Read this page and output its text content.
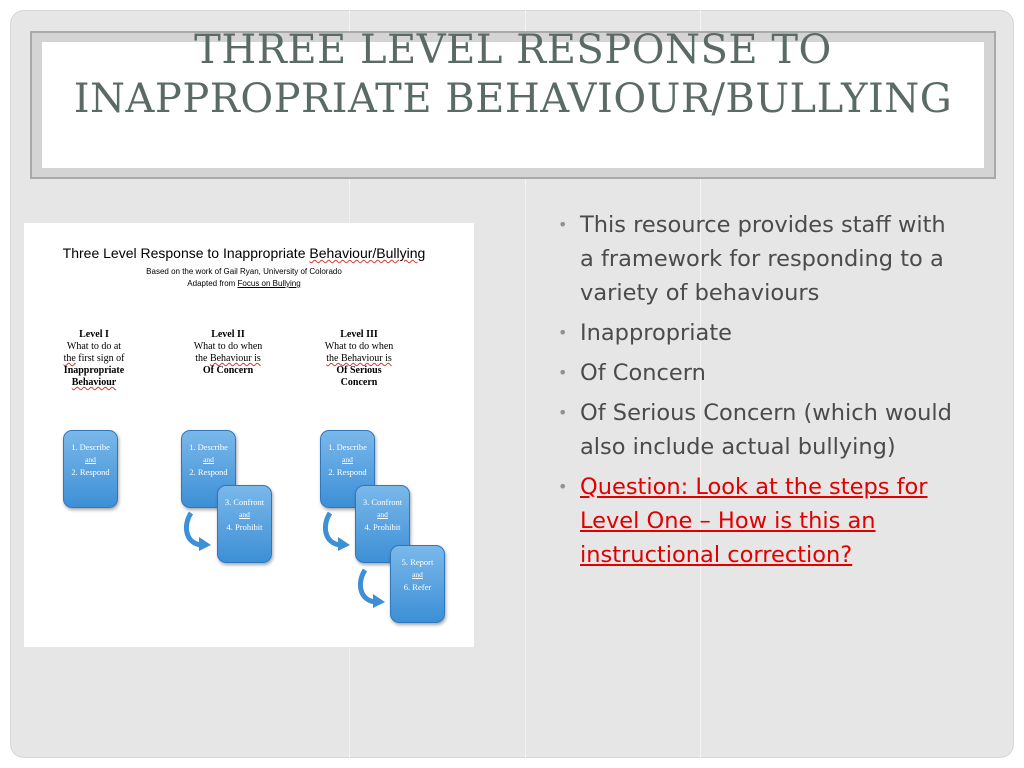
THREE LEVEL RESPONSE TO INAPPROPRIATE BEHAVIOUR/BULLYING
Three Level Response to Inappropriate Behaviour/Bullying
Based on the work of Gail Ryan, University of Colorado
Adapted from Focus on Bullying
Level I
What to do at
the first sign of
Inappropriate
Behaviour
Level II
What to do when
the Behaviour is
Of Concern
Level III
What to do when
the Behaviour is
Of Serious
Concern
1. Describe
and
2. Respond
1. Describe
and
2. Respond
3. Confront
and
4. Prohibit
1. Describe
and
2. Respond
3. Confront
and
4. Prohibit
5. Report
and
6. Refer
• This resource provides staff with a framework for responding to a variety of behaviours
• Inappropriate
• Of Concern
• Of Serious Concern (which would also include actual bullying)
• Question: Look at the steps for Level One – How is this an instructional correction?
